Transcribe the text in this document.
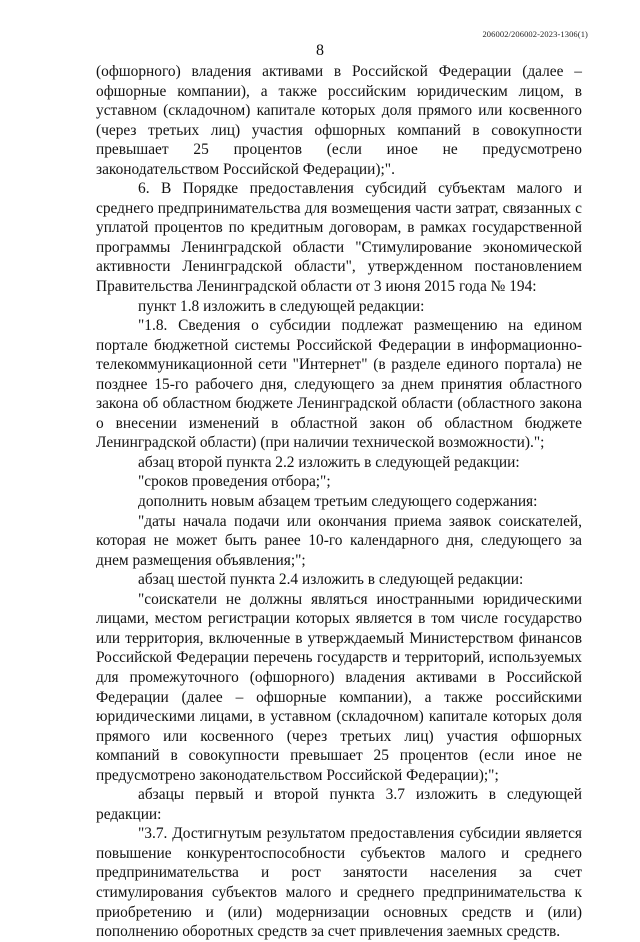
206002/206002-2023-1306(1)
8

(офшорного) владения активами в Российской Федерации (далее – офшорные компании), а также российским юридическим лицом, в уставном (складочном) капитале которых доля прямого или косвенного (через третьих лиц) участия офшорных компаний в совокупности превышает 25 процентов (если иное не предусмотрено законодательством Российской Федерации);".

6. В Порядке предоставления субсидий субъектам малого и среднего предпринимательства для возмещения части затрат, связанных с уплатой процентов по кредитным договорам, в рамках государственной программы Ленинградской области "Стимулирование экономической активности Ленинградской области", утвержденном постановлением Правительства Ленинградской области от 3 июня 2015 года № 194:

пункт 1.8 изложить в следующей редакции:

"1.8. Сведения о субсидии подлежат размещению на едином портале бюджетной системы Российской Федерации в информационно-телекоммуникационной сети "Интернет" (в разделе единого портала) не позднее 15-го рабочего дня, следующего за днем принятия областного закона об областном бюджете Ленинградской области (областного закона о внесении изменений в областной закон об областном бюджете Ленинградской области) (при наличии технической возможности).";

абзац второй пункта 2.2 изложить в следующей редакции:

"сроков проведения отбора;";

дополнить новым абзацем третьим следующего содержания:

"даты начала подачи или окончания приема заявок соискателей, которая не может быть ранее 10-го календарного дня, следующего за днем размещения объявления;";

абзац шестой пункта 2.4 изложить в следующей редакции:

"соискатели не должны являться иностранными юридическими лицами, местом регистрации которых является в том числе государство или территория, включенные в утверждаемый Министерством финансов Российской Федерации перечень государств и территорий, используемых для промежуточного (офшорного) владения активами в Российской Федерации (далее – офшорные компании), а также российскими юридическими лицами, в уставном (складочном) капитале которых доля прямого или косвенного (через третьих лиц) участия офшорных компаний в совокупности превышает 25 процентов (если иное не предусмотрено законодательством Российской Федерации);";

абзацы первый и второй пункта 3.7 изложить в следующей редакции:

"3.7. Достигнутым результатом предоставления субсидии является повышение конкурентоспособности субъектов малого и среднего предпринимательства и рост занятости населения за счет стимулирования субъектов малого и среднего предпринимательства к приобретению и (или) модернизации основных средств и (или) пополнению оборотных средств за счет привлечения заемных средств.
